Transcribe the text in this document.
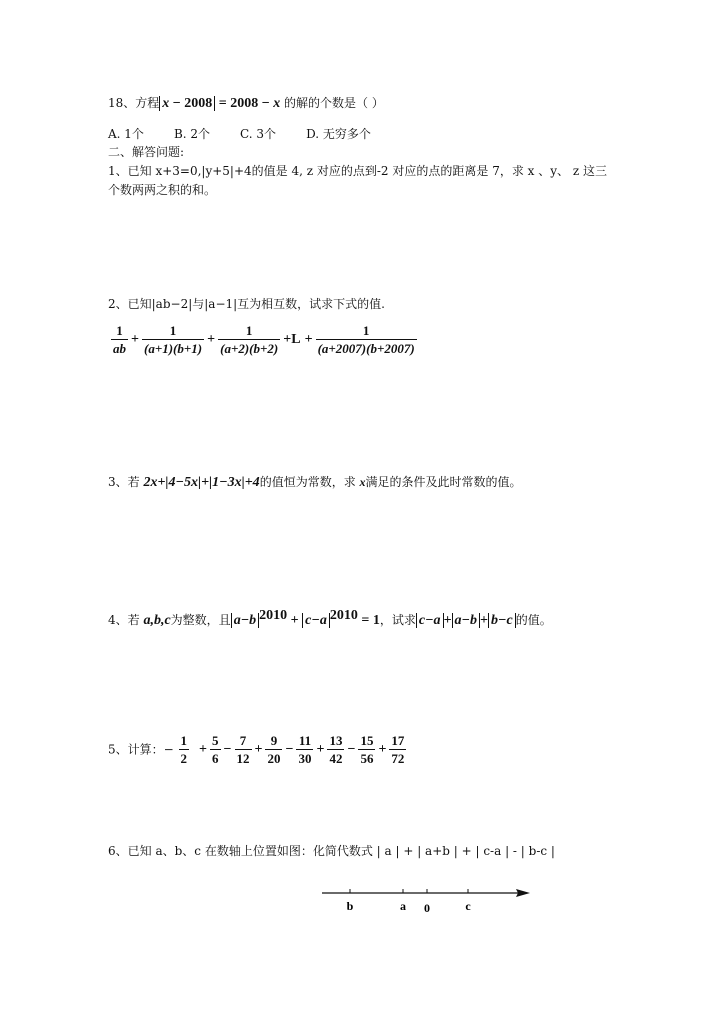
18、方程 x − 2008 = 2008 − x 的解的个数是（ ）
A. 1个	B. 2个	C. 3个	D. 无穷多个
二、解答问题:
1、已知 x+3=0,|y+5|+4的值是 4, z 对应的点到-2 对应的点的距离是 7，求 x 、y、 z 这三
个数两两之积的和。
2、已知|ab−2|与|a−1|互为相互数，试求下式的值.
$\frac{1}{ab} + \frac{1}{(a+1)(b+1)} + \frac{1}{(a+2)(b+2)} +L + \frac{1}{(a+2007)(b+2007)}$
3、若 2x+|4−5x|+|1−3x|+4的值恒为常数，求 x满足的条件及此时常数的值。
4、若 a,b,c为整数，且 a−b $^{2010}$ + c−a $^{2010}$ = 1，试求 c−a + a−b + b−c 的值。
5、计算：− $\frac{1}{2} + \frac{5}{6} - \frac{7}{12} + \frac{9}{20} - \frac{11}{30} + \frac{13}{42} - \frac{15}{56} + \frac{17}{72}$
6、已知 a、b、c 在数轴上位置如图：化简代数式 | a | + | a+b | + | c-a | - | b-c |
b	a 0	c
